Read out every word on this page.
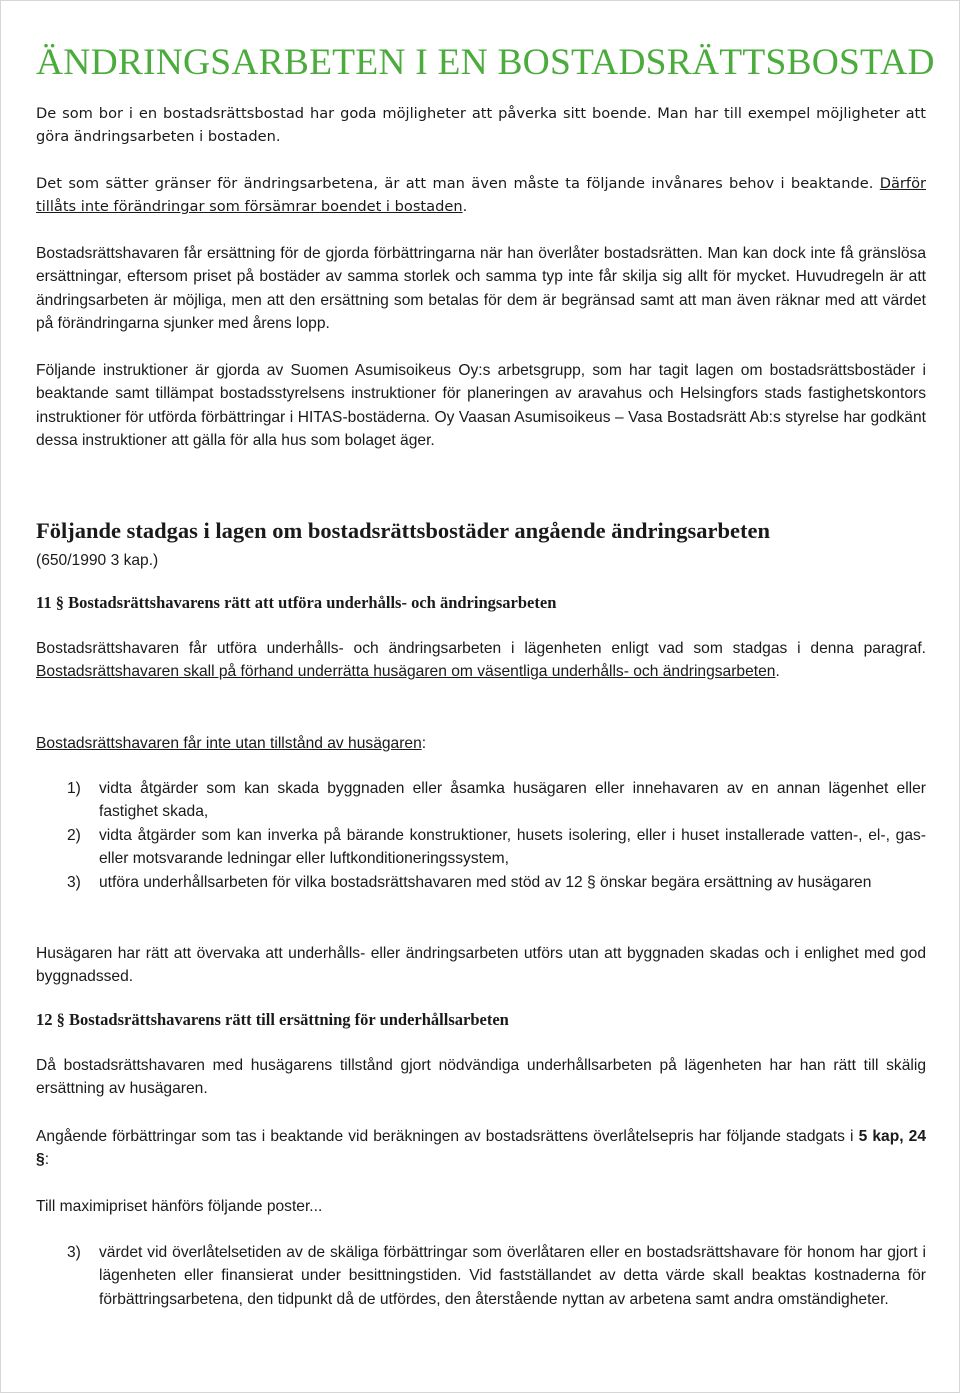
ÄNDRINGSARBETEN I EN BOSTADSRÄTTSBOSTAD

De som bor i en bostadsrättsbostad har goda möjligheter att påverka sitt boende. Man har till exempel möjligheter att göra ändringsarbeten i bostaden.

Det som sätter gränser för ändringsarbetena, är att man även måste ta följande invånares behov i beaktande. Därför tillåts inte förändringar som försämrar boendet i bostaden.

Bostadsrättshavaren får ersättning för de gjorda förbättringarna när han överlåter bostadsrätten. Man kan dock inte få gränslösa ersättningar, eftersom priset på bostäder av samma storlek och samma typ inte får skilja sig allt för mycket. Huvudregeln är att ändringsarbeten är möjliga, men att den ersättning som betalas för dem är begränsad samt att man även räknar med att värdet på förändringarna sjunker med årens lopp.

Följande instruktioner är gjorda av Suomen Asumisoikeus Oy:s arbetsgrupp, som har tagit lagen om bostadsrättsbostäder i beaktande samt tillämpat bostadsstyrelsens instruktioner för planeringen av aravahus och Helsingfors stads fastighetskontors instruktioner för utförda förbättringar i HITAS-bostäderna. Oy Vaasan Asumisoikeus – Vasa Bostadsrätt Ab:s styrelse har godkänt dessa instruktioner att gälla för alla hus som bolaget äger.

Följande stadgas i lagen om bostadsrättsbostäder angående ändringsarbeten

(650/1990 3 kap.)

11 § Bostadsrättshavarens rätt att utföra underhålls- och ändringsarbeten

Bostadsrättshavaren får utföra underhålls- och ändringsarbeten i lägenheten enligt vad som stadgas i denna paragraf. Bostadsrättshavaren skall på förhand underrätta husägaren om väsentliga underhålls- och ändringsarbeten.

Bostadsrättshavaren får inte utan tillstånd av husägaren:

1) vidta åtgärder som kan skada byggnaden eller åsamka husägaren eller innehavaren av en annan lägenhet eller fastighet skada,
2) vidta åtgärder som kan inverka på bärande konstruktioner, husets isolering, eller i huset installerade vatten-, el-, gas- eller motsvarande ledningar eller luftkonditioneringssystem,
3) utföra underhållsarbeten för vilka bostadsrättshavaren med stöd av 12 § önskar begära ersättning av husägaren

Husägaren har rätt att övervaka att underhålls- eller ändringsarbeten utförs utan att byggnaden skadas och i enlighet med god byggnadssed.

12 § Bostadsrättshavarens rätt till ersättning för underhållsarbeten

Då bostadsrättshavaren med husägarens tillstånd gjort nödvändiga underhållsarbeten på lägenheten har han rätt till skälig ersättning av husägaren.

Angående förbättringar som tas i beaktande vid beräkningen av bostadsrättens överlåtelsepris har följande stadgats i 5 kap, 24 §:

Till maximipriset hänförs följande poster...

3) värdet vid överlåtelsetiden av de skäliga förbättringar som överlåtaren eller en bostadsrättshavare för honom har gjort i lägenheten eller finansierat under besittningstiden. Vid fastställandet av detta värde skall beaktas kostnaderna för förbättringsarbetena, den tidpunkt då de utfördes, den återstående nyttan av arbetena samt andra omständigheter.
